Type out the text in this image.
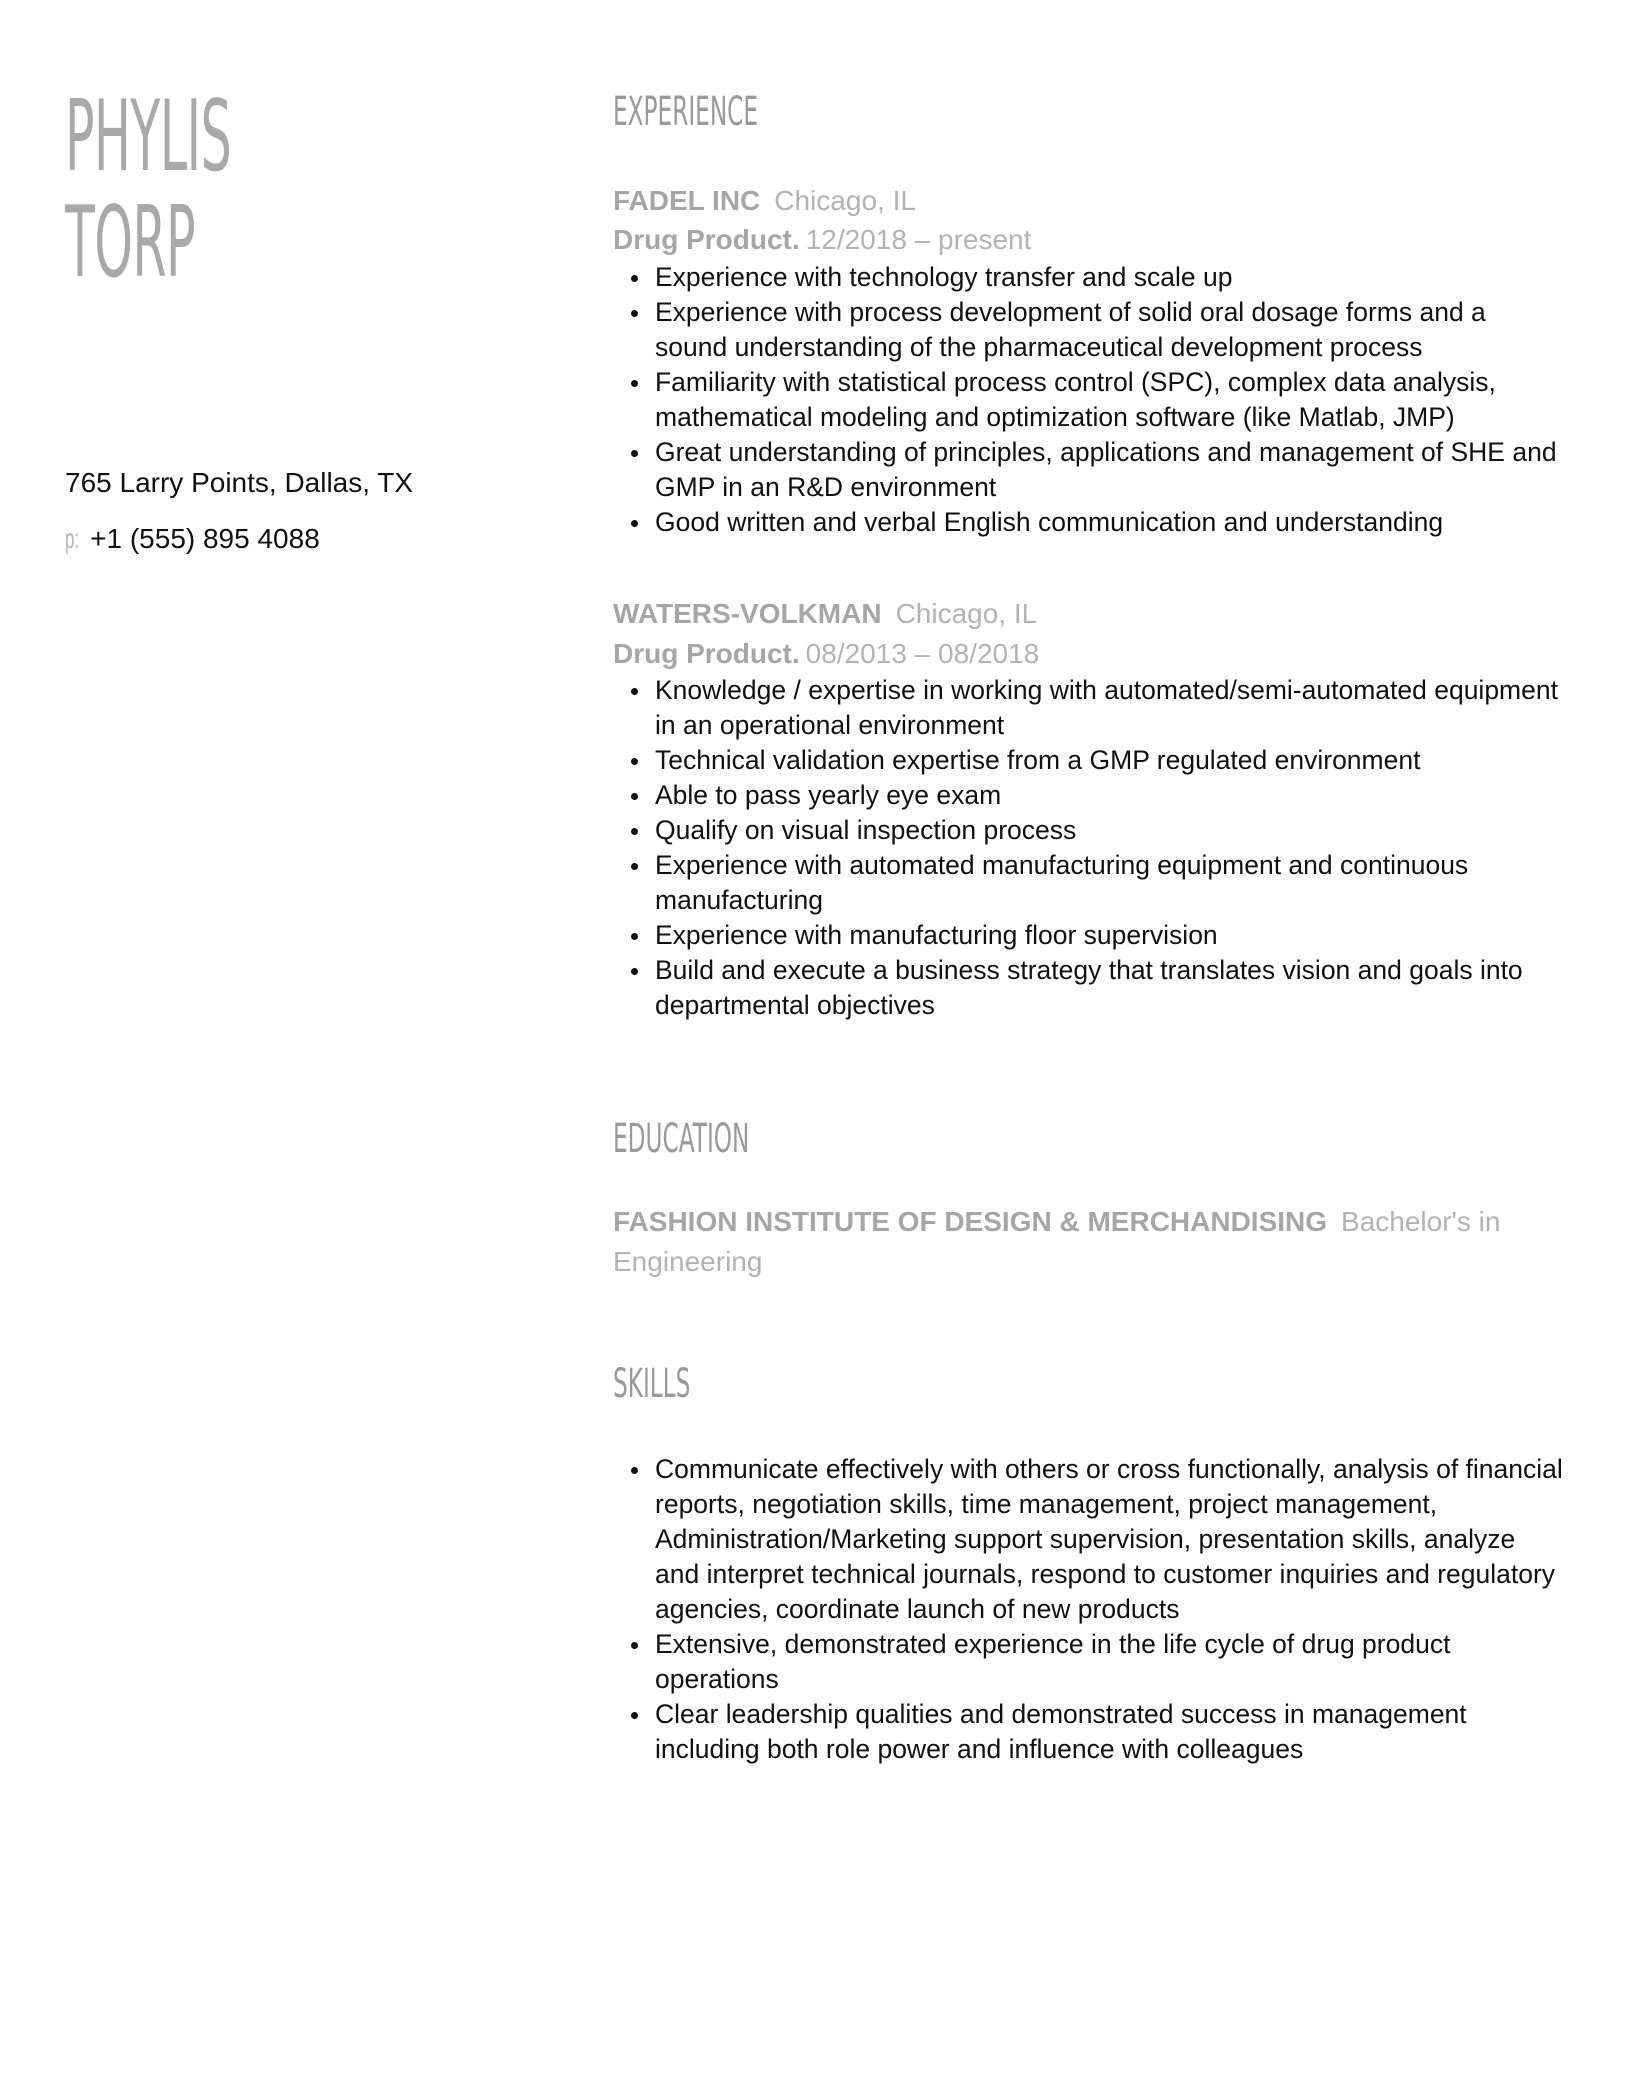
PHYLIS
TORP
765 Larry Points, Dallas, TX
p: +1 (555) 895 4088
EXPERIENCE
FADEL INC Chicago, IL
Drug Product. 12/2018 – present
Experience with technology transfer and scale up
Experience with process development of solid oral dosage forms and a sound understanding of the pharmaceutical development process
Familiarity with statistical process control (SPC), complex data analysis, mathematical modeling and optimization software (like Matlab, JMP)
Great understanding of principles, applications and management of SHE and GMP in an R&D environment
Good written and verbal English communication and understanding
WATERS-VOLKMAN Chicago, IL
Drug Product. 08/2013 – 08/2018
Knowledge / expertise in working with automated/semi-automated equipment in an operational environment
Technical validation expertise from a GMP regulated environment
Able to pass yearly eye exam
Qualify on visual inspection process
Experience with automated manufacturing equipment and continuous manufacturing
Experience with manufacturing floor supervision
Build and execute a business strategy that translates vision and goals into departmental objectives
EDUCATION
FASHION INSTITUTE OF DESIGN & MERCHANDISING Bachelor's in Engineering
SKILLS
Communicate effectively with others or cross functionally, analysis of financial reports, negotiation skills, time management, project management, Administration/Marketing support supervision, presentation skills, analyze and interpret technical journals, respond to customer inquiries and regulatory agencies, coordinate launch of new products
Extensive, demonstrated experience in the life cycle of drug product operations
Clear leadership qualities and demonstrated success in management including both role power and influence with colleagues
